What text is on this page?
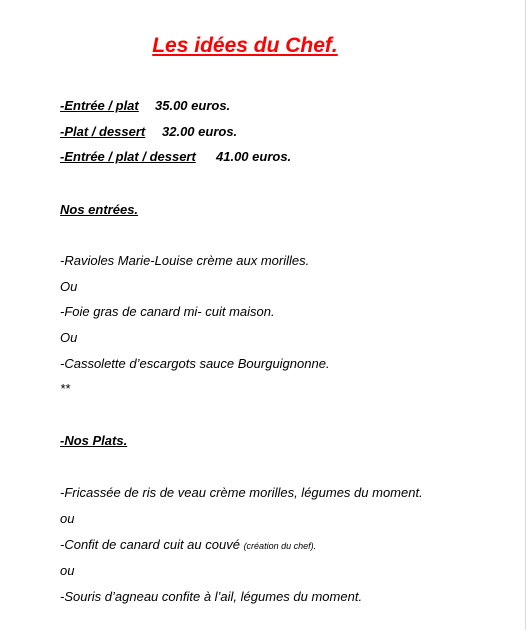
Les idées du Chef.
-Entrée / plat 35.00 euros.
-Plat / dessert 32.00 euros.
-Entrée / plat / dessert 41.00 euros.
Nos entrées.
-Ravioles Marie-Louise crème aux morilles.
Ou
-Foie gras de canard mi- cuit maison.
Ou
-Cassolette d’escargots sauce Bourguignonne.
**
-Nos Plats.
-Fricassée de ris de veau crème morilles, légumes du moment.
ou
-Confit de canard cuit au couvé (création du chef).
ou
-Souris d’agneau confite à l’ail, légumes du moment.
